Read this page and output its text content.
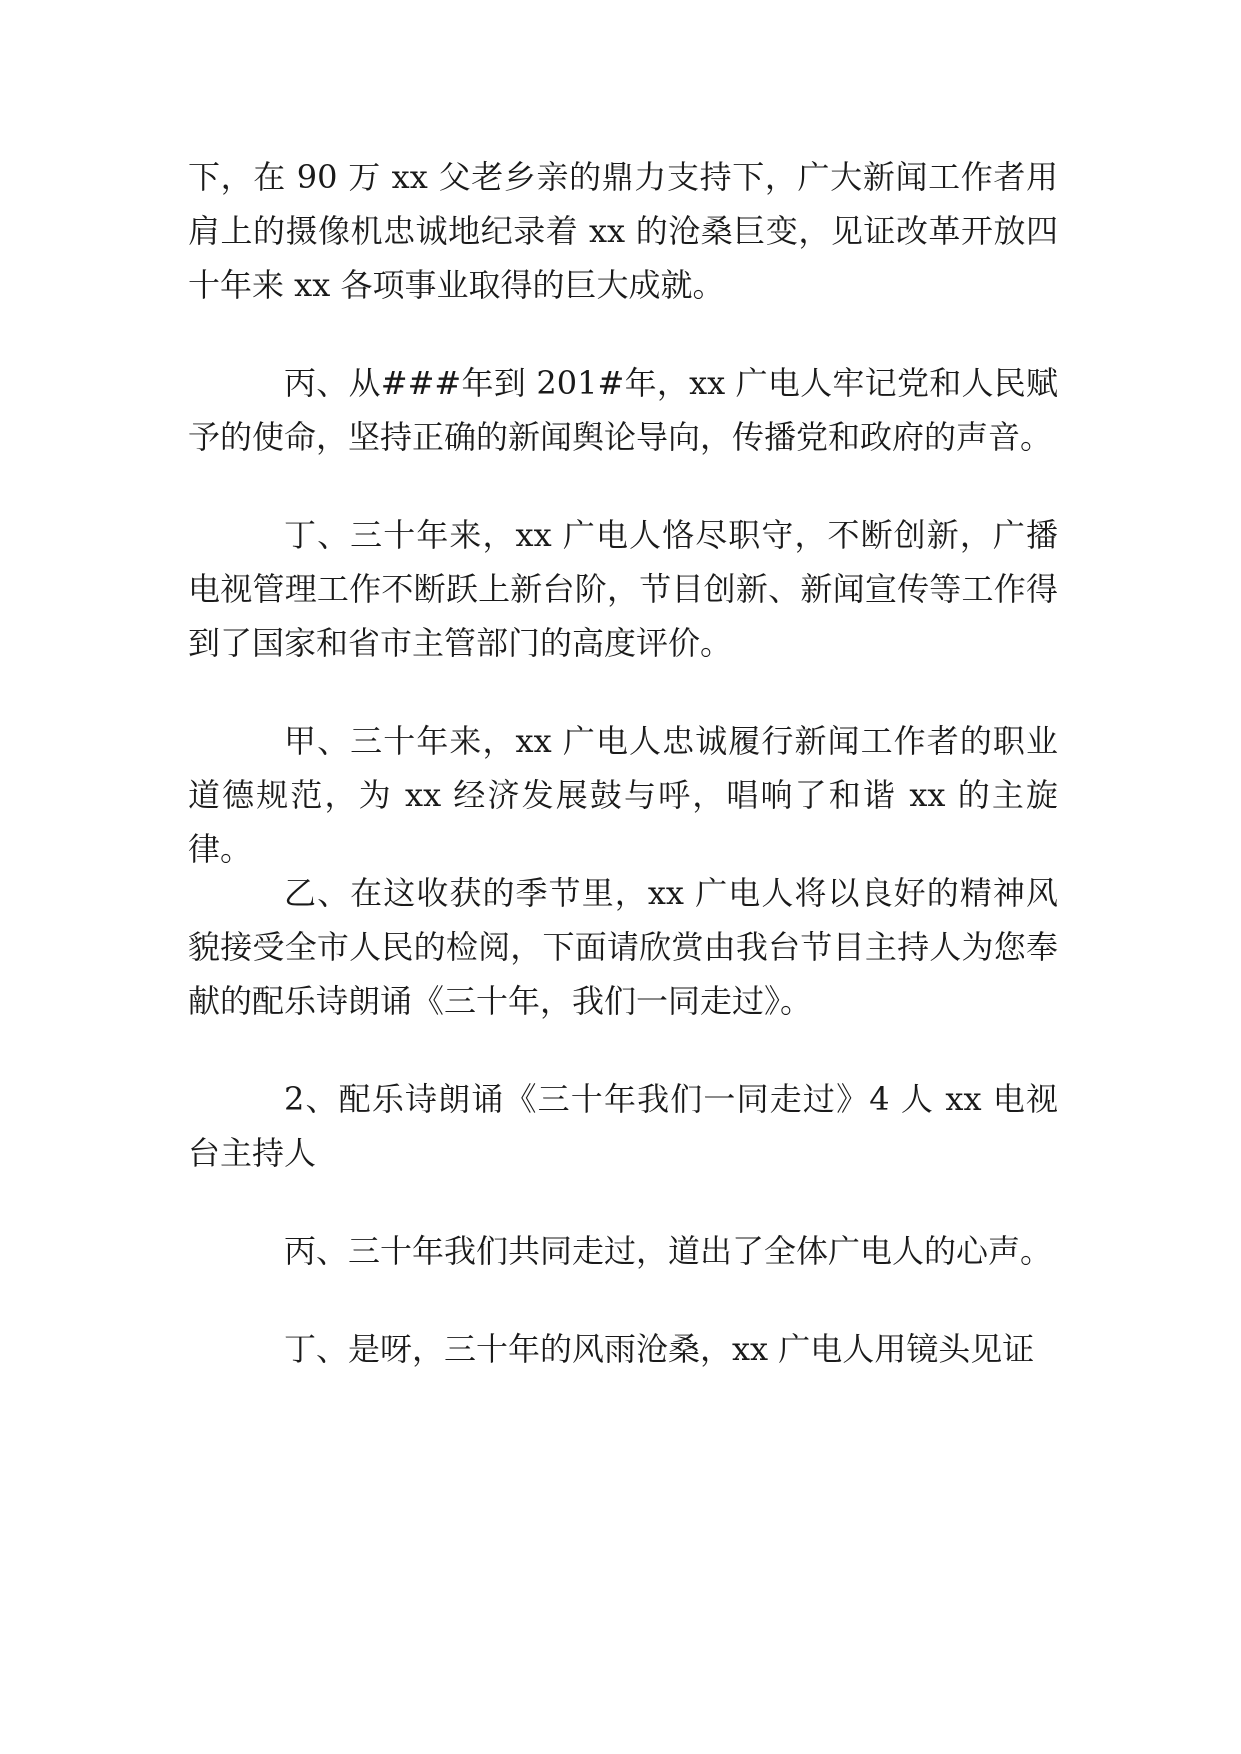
下，在 90 万 xx 父老乡亲的鼎力支持下，广大新闻工作者用肩上的摄像机忠诚地纪录着 xx 的沧桑巨变，见证改革开放四十年来 xx 各项事业取得的巨大成就。

丙、从###年到 201#年，xx 广电人牢记党和人民赋予的使命，坚持正确的新闻舆论导向，传播党和政府的声音。

丁、三十年来，xx 广电人恪尽职守，不断创新，广播电视管理工作不断跃上新台阶，节目创新、新闻宣传等工作得到了国家和省市主管部门的高度评价。

甲、三十年来，xx 广电人忠诚履行新闻工作者的职业道德规范，为 xx 经济发展鼓与呼，唱响了和谐 xx 的主旋律。

乙、在这收获的季节里，xx 广电人将以良好的精神风貌接受全市人民的检阅，下面请欣赏由我台节目主持人为您奉献的配乐诗朗诵《三十年，我们一同走过》。

2、配乐诗朗诵《三十年我们一同走过》4 人 xx 电视台主持人

丙、三十年我们共同走过，道出了全体广电人的心声。

丁、是呀，三十年的风雨沧桑，xx 广电人用镜头见证
